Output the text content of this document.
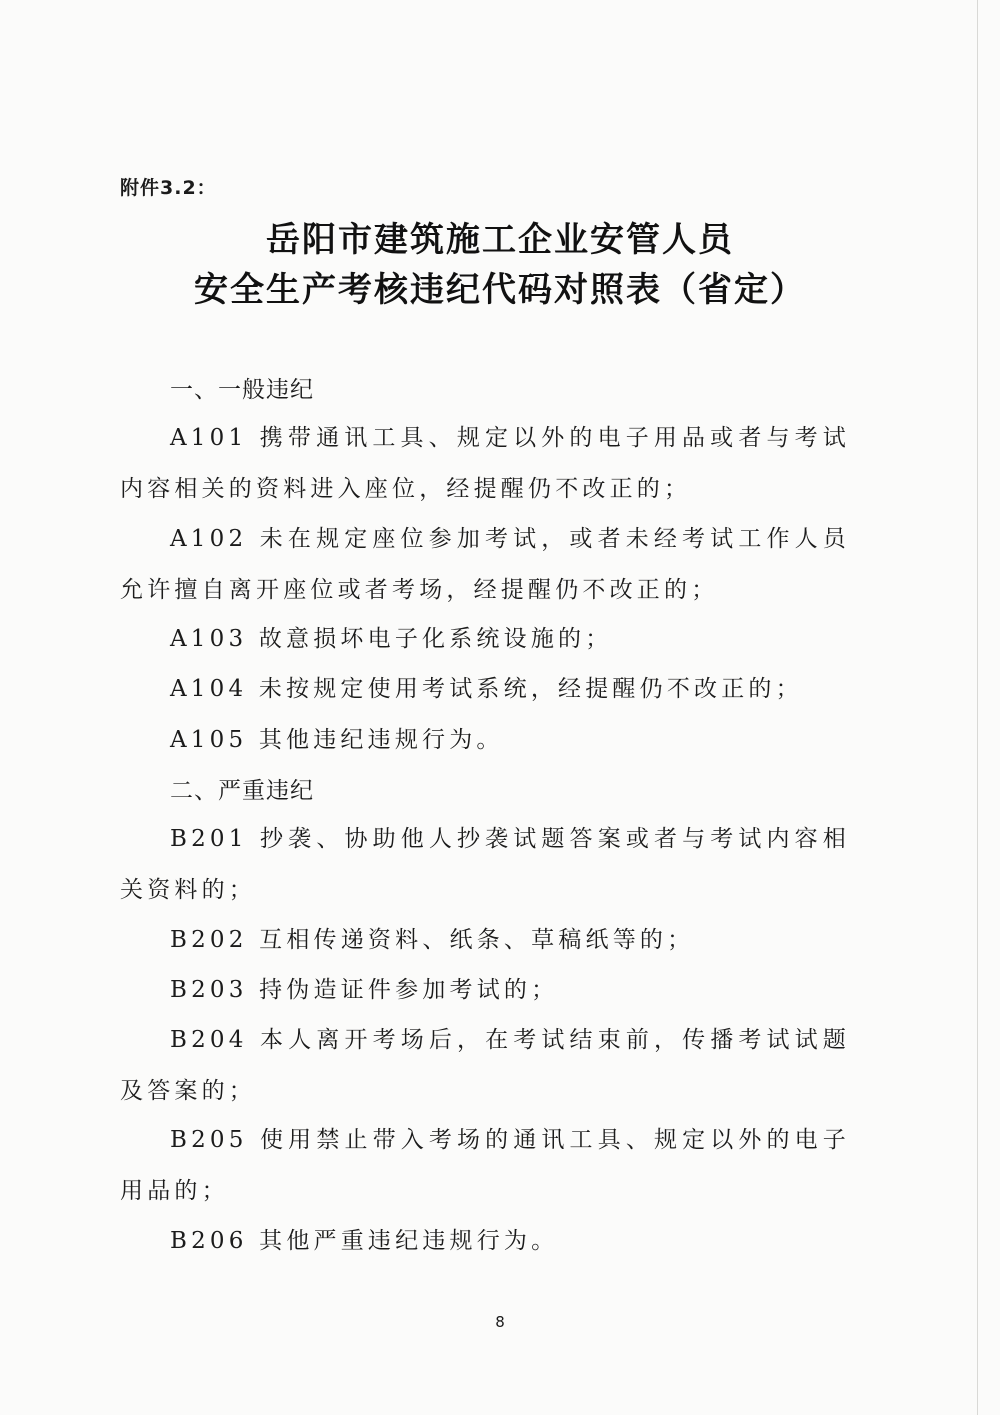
附件3.2：
岳阳市建筑施工企业安管人员
安全生产考核违纪代码对照表（省定）
一、一般违纪

A101 携带通讯工具、规定以外的电子用品或者与考试内容相关的资料进入座位，经提醒仍不改正的；

A102 未在规定座位参加考试，或者未经考试工作人员允许擅自离开座位或者考场，经提醒仍不改正的；

A103 故意损坏电子化系统设施的；

A104 未按规定使用考试系统，经提醒仍不改正的；

A105 其他违纪违规行为。

二、严重违纪

B201 抄袭、协助他人抄袭试题答案或者与考试内容相关资料的；

B202 互相传递资料、纸条、草稿纸等的；

B203 持伪造证件参加考试的；

B204 本人离开考场后，在考试结束前，传播考试试题及答案的；

B205 使用禁止带入考场的通讯工具、规定以外的电子用品的；

B206 其他严重违纪违规行为。

8
